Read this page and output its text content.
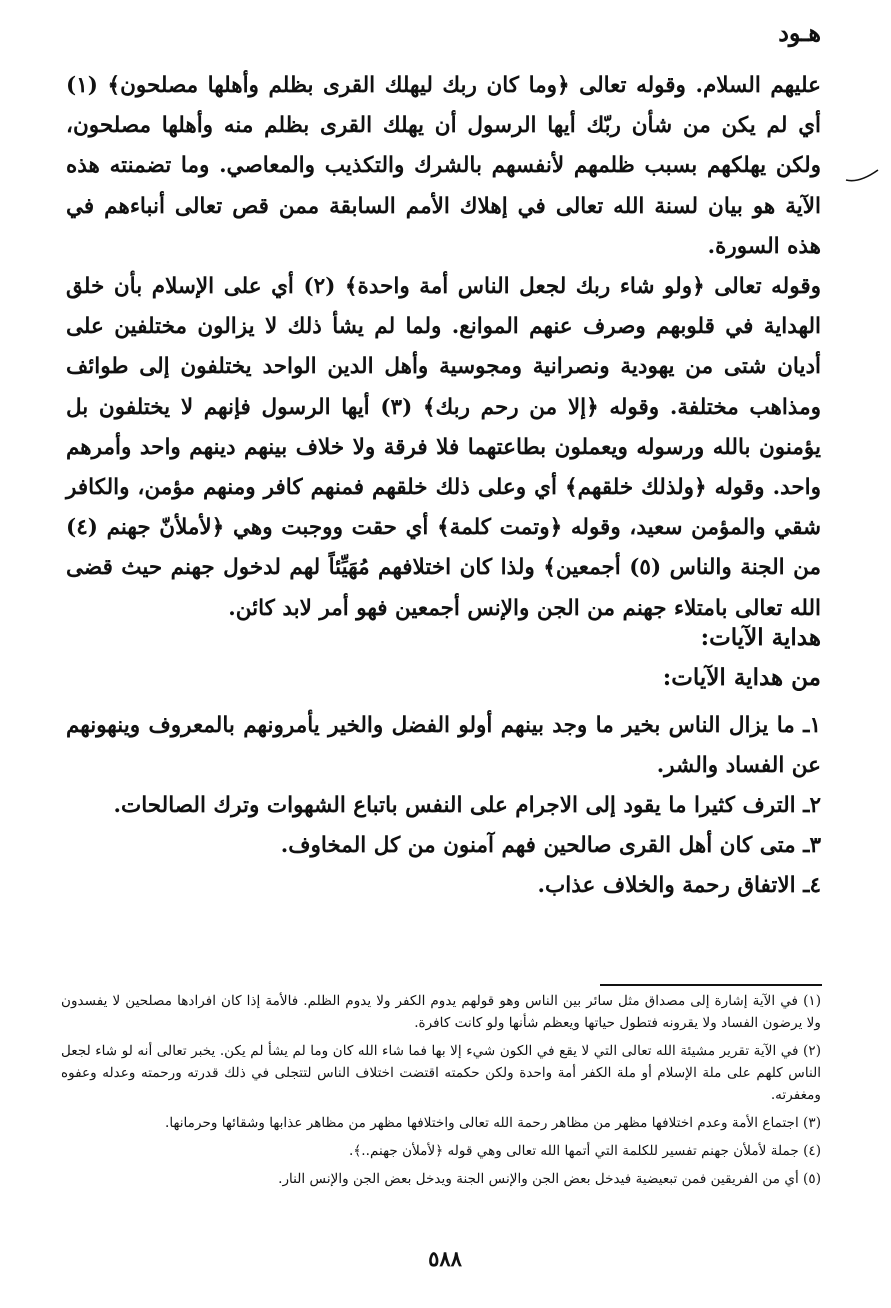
هـود

عليهم السلام. وقوله تعالى ﴿وما كان ربك ليهلك القرى بظلم وأهلها مصلحون﴾ (١) أي لم يكن من شأن ربّك أيها الرسول أن يهلك القرى بظلم منه وأهلها مصلحون، ولكن يهلكهم بسبب ظلمهم لأنفسهم بالشرك والتكذيب والمعاصي. وما تضمنته هذه الآية هو بيان لسنة الله تعالى في إهلاك الأمم السابقة ممن قص تعالى أنباءهم في هذه السورة.

وقوله تعالى ﴿ولو شاء ربك لجعل الناس أمة واحدة﴾ (٢) أي على الإسلام بأن خلق الهداية في قلوبهم وصرف عنهم الموانع. ولما لم يشأ ذلك لا يزالون مختلفين على أديان شتى من يهودية ونصرانية ومجوسية وأهل الدين الواحد يختلفون إلى طوائف ومذاهب مختلفة. وقوله ﴿إلا من رحم ربك﴾ (٣) أيها الرسول فإنهم لا يختلفون بل يؤمنون بالله ورسوله ويعملون بطاعتهما فلا فرقة ولا خلاف بينهم دينهم واحد وأمرهم واحد. وقوله ﴿ولذلك خلقهم﴾ أي وعلى ذلك خلقهم فمنهم كافر ومنهم مؤمن، والكافر شقي والمؤمن سعيد، وقوله ﴿وتمت كلمة﴾ أي حقت ووجبت وهي ﴿لأملأنّ جهنم (٤) من الجنة والناس (٥) أجمعين﴾ ولذا كان اختلافهم مُهَيِّئاً لهم لدخول جهنم حيث قضى الله تعالى بامتلاء جهنم من الجن والإنس أجمعين فهو أمر لابد كائن.

هداية الآيات:
من هداية الآيات:

١ـ ما يزال الناس بخير ما وجد بينهم أولو الفضل والخير يأمرونهم بالمعروف وينهونهم عن الفساد والشر.

٢ـ الترف كثيرا ما يقود إلى الاجرام على النفس باتباع الشهوات وترك الصالحات.

٣ـ متى كان أهل القرى صالحين فهم آمنون من كل المخاوف.

٤ـ الاتفاق رحمة والخلاف عذاب.

(١) في الآية إشارة إلى مصداق مثل سائر بين الناس وهو قولهم يدوم الكفر ولا يدوم الظلم. فالأمة إذا كان افرادها مصلحين لا يفسدون ولا يرضون الفساد ولا يقرونه فتطول حياتها ويعظم شأنها ولو كانت كافرة.

(٢) في الآية تقرير مشيئة الله تعالى التي لا يقع في الكون شيء إلا بها فما شاء الله كان وما لم يشأ لم يكن. يخبر تعالى أنه لو شاء لجعل الناس كلهم على ملة الإسلام أو ملة الكفر أمة واحدة ولكن حكمته اقتضت اختلاف الناس لتتجلى في ذلك قدرته ورحمته وعدله وعفوه ومغفرته.

(٣) اجتماع الأمة وعدم اختلافها مظهر من مظاهر رحمة الله تعالى واختلافها مظهر من مظاهر عذابها وشقائها وحرمانها.

(٤) جملة لأملأن جهنم تفسير للكلمة التي أتمها الله تعالى وهي قوله ﴿لأملأن جهنم..﴾.

(٥) أي من الفريقين فمن تبعيضية فيدخل بعض الجن والإنس الجنة ويدخل بعض الجن والإنس النار.

٥٨٨
